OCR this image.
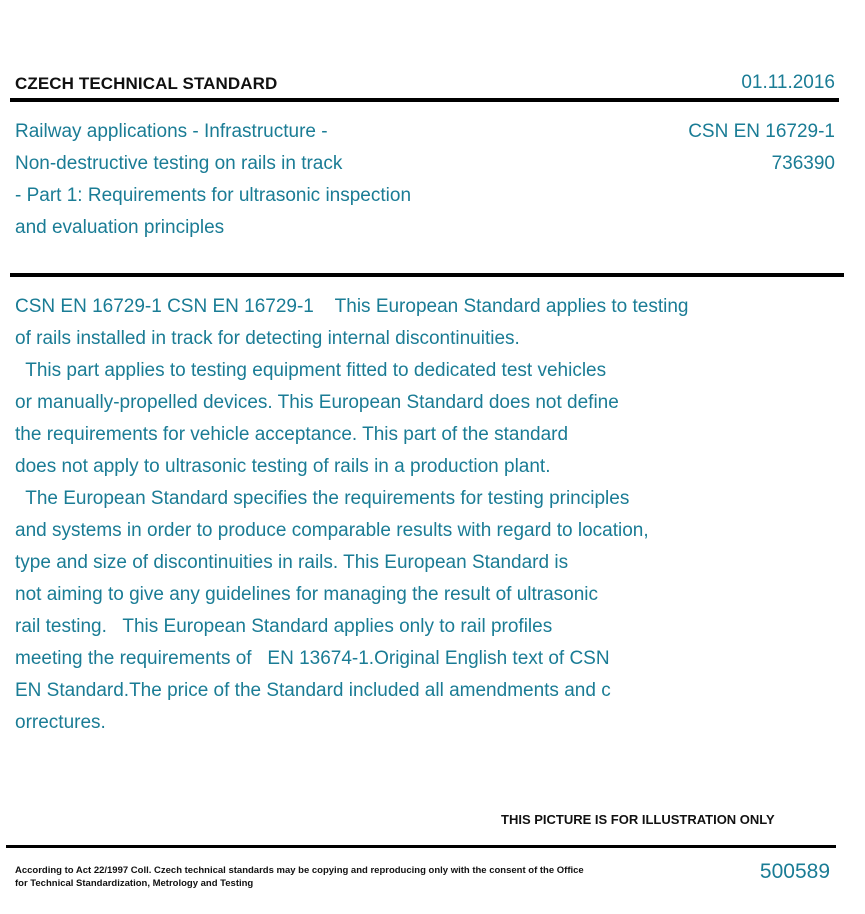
CZECH TECHNICAL STANDARD	01.11.2016
Railway applications - Infrastructure -
Non-destructive testing on rails in track
- Part 1: Requirements for ultrasonic inspection
and evaluation principles
CSN EN 16729-1
736390
CSN EN 16729-1 CSN EN 16729-1    This European Standard applies to testing
of rails installed in track for detecting internal discontinuities.
This part applies to testing equipment fitted to dedicated test vehicles
or manually-propelled devices. This European Standard does not define
the requirements for vehicle acceptance. This part of the standard
does not apply to ultrasonic testing of rails in a production plant.
The European Standard specifies the requirements for testing principles
and systems in order to produce comparable results with regard to location,
type and size of discontinuities in rails. This European Standard is
not aiming to give any guidelines for managing the result of ultrasonic
rail testing.   This European Standard applies only to rail profiles
meeting the requirements of   EN 13674-1.Original English text of CSN
EN Standard.The price of the Standard included all amendments and c
orrectures.
THIS PICTURE IS FOR ILLUSTRATION ONLY
According to Act 22/1997 Coll. Czech technical standards may be copying and reproducing only with the consent of the Office
for Technical Standardization, Metrology and Testing
500589
